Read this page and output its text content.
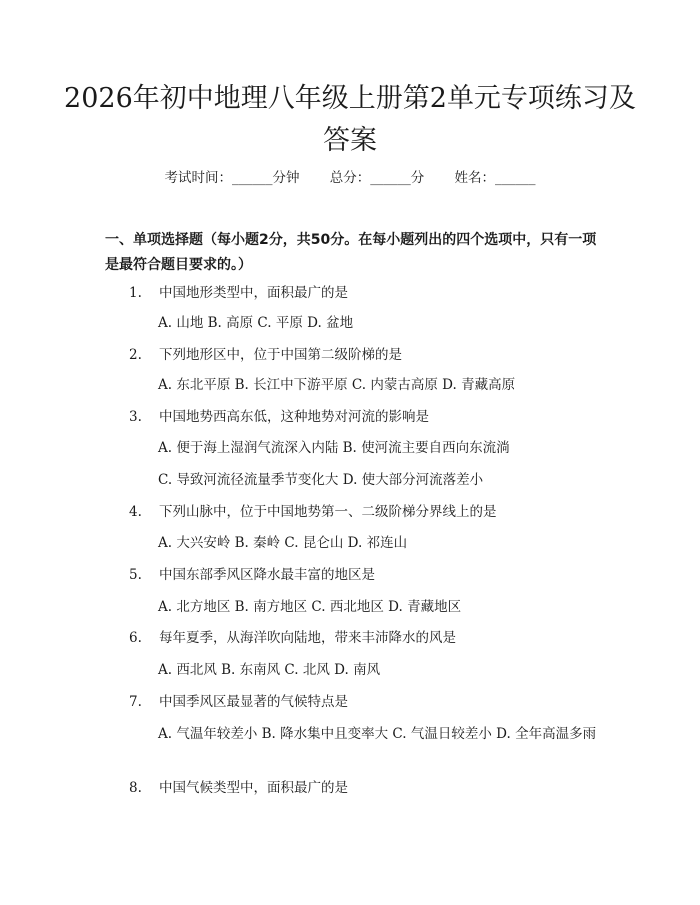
2026年初中地理八年级上册第2单元专项练习及答案
考试时间：______分钟 总分：______分 姓名：______
一、单项选择题（每小题2分，共50分。在每小题列出的四个选项中，只有一项是最符合题目要求的。）
1. 中国地形类型中，面积最广的是
A. 山地 B. 高原 C. 平原 D. 盆地
2. 下列地形区中，位于中国第二级阶梯的是
A. 东北平原 B. 长江中下游平原 C. 内蒙古高原 D. 青藏高原
3. 中国地势西高东低，这种地势对河流的影响是
A. 便于海上湿润气流深入内陆 B. 使河流主要自西向东流淌
C. 导致河流径流量季节变化大 D. 使大部分河流落差小
4. 下列山脉中，位于中国地势第一、二级阶梯分界线上的是
A. 大兴安岭 B. 秦岭 C. 昆仑山 D. 祁连山
5. 中国东部季风区降水最丰富的地区是
A. 北方地区 B. 南方地区 C. 西北地区 D. 青藏地区
6. 每年夏季，从海洋吹向陆地，带来丰沛降水的风是
A. 西北风 B. 东南风 C. 北风 D. 南风
7. 中国季风区最显著的气候特点是
A. 气温年较差小 B. 降水集中且变率大 C. 气温日较差小 D. 全年高温多雨
8. 中国气候类型中，面积最广的是
